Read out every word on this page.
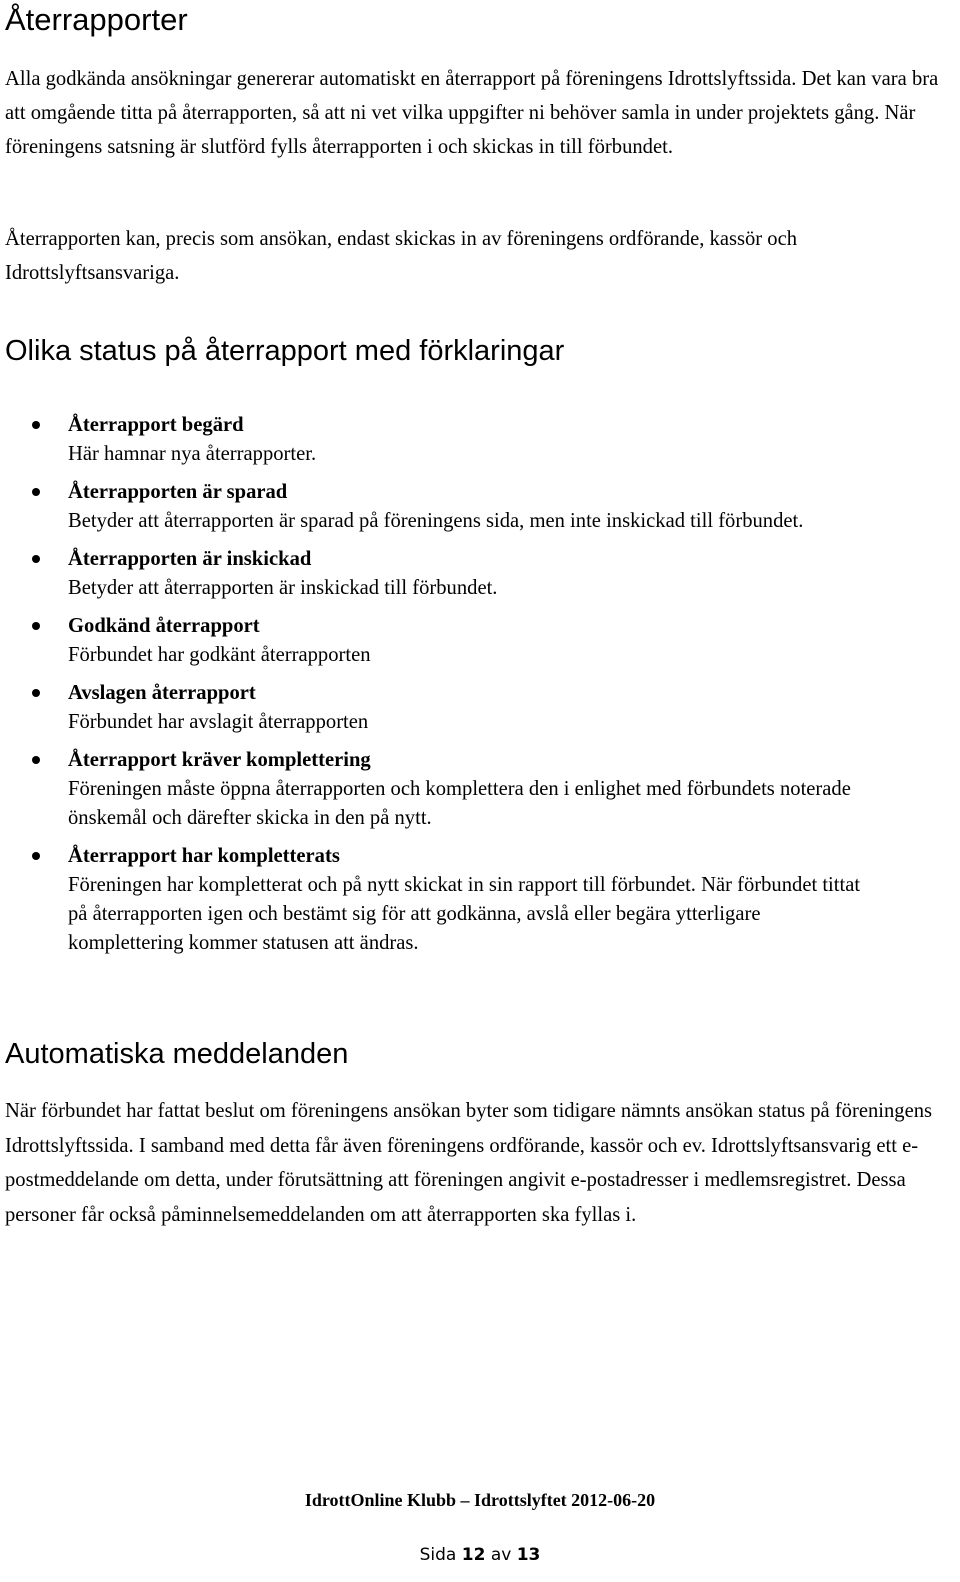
Återrapporter

Alla godkända ansökningar genererar automatiskt en återrapport på föreningens Idrottslyftssida. Det kan vara bra att omgående titta på återrapporten, så att ni vet vilka uppgifter ni behöver samla in under projektets gång. När föreningens satsning är slutförd fylls återrapporten i och skickas in till förbundet.

Återrapporten kan, precis som ansökan, endast skickas in av föreningens ordförande, kassör och Idrottslyftsansvariga.

Olika status på återrapport med förklaringar
Återrapport begärd
Här hamnar nya återrapporter.
Återrapporten är sparad
Betyder att återrapporten är sparad på föreningens sida, men inte inskickad till förbundet.
Återrapporten är inskickad
Betyder att återrapporten är inskickad till förbundet.
Godkänd återrapport
Förbundet har godkänt återrapporten
Avslagen återrapport
Förbundet har avslagit återrapporten
Återrapport kräver komplettering
Föreningen måste öppna återrapporten och komplettera den i enlighet med förbundets noterade önskemål och därefter skicka in den på nytt.
Återrapport har kompletterats
Föreningen har kompletterat och på nytt skickat in sin rapport till förbundet. När förbundet tittat på återrapporten igen och bestämt sig för att godkänna, avslå eller begära ytterligare komplettering kommer statusen att ändras.
Automatiska meddelanden

När förbundet har fattat beslut om föreningens ansökan byter som tidigare nämnts ansökan status på föreningens Idrottslyftssida. I samband med detta får även föreningens ordförande, kassör och ev. Idrottslyftsansvarig ett e-postmeddelande om detta, under förutsättning att föreningen angivit e-postadresser i medlemsregistret. Dessa personer får också påminnelsemeddelanden om att återrapporten ska fyllas i.

IdrottOnline Klubb – Idrottslyftet 2012-06-20
Sida 12 av 13
